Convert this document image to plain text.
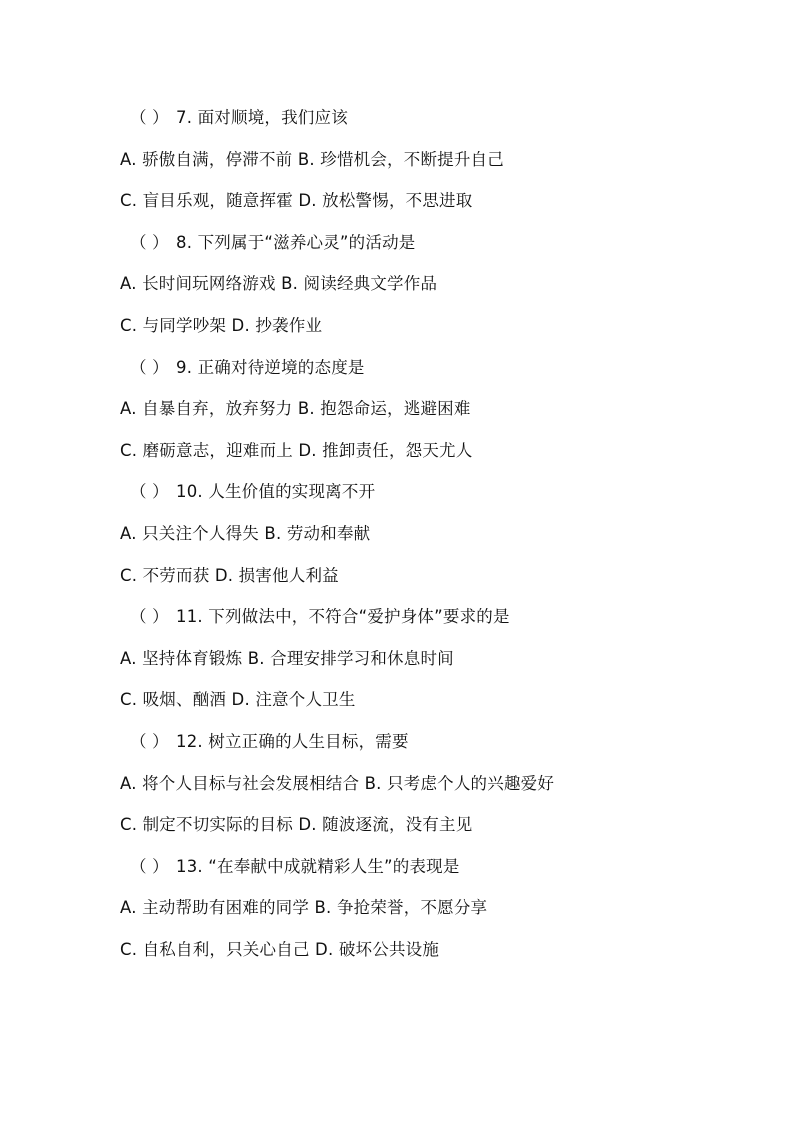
（ ） 7. 面对顺境，我们应该
A. 骄傲自满，停滞不前 B. 珍惜机会，不断提升自己
C. 盲目乐观，随意挥霍 D. 放松警惕，不思进取
（ ） 8. 下列属于“滋养心灵”的活动是
A. 长时间玩网络游戏 B. 阅读经典文学作品
C. 与同学吵架 D. 抄袭作业
（ ） 9. 正确对待逆境的态度是
A. 自暴自弃，放弃努力 B. 抱怨命运，逃避困难
C. 磨砺意志，迎难而上 D. 推卸责任，怨天尤人
（ ） 10. 人生价值的实现离不开
A. 只关注个人得失 B. 劳动和奉献
C. 不劳而获 D. 损害他人利益
（ ） 11. 下列做法中，不符合“爱护身体”要求的是
A. 坚持体育锻炼 B. 合理安排学习和休息时间
C. 吸烟、酗酒 D. 注意个人卫生
（ ） 12. 树立正确的人生目标，需要
A. 将个人目标与社会发展相结合 B. 只考虑个人的兴趣爱好
C. 制定不切实际的目标 D. 随波逐流，没有主见
（ ） 13. “在奉献中成就精彩人生”的表现是
A. 主动帮助有困难的同学 B. 争抢荣誉，不愿分享
C. 自私自利，只关心自己 D. 破坏公共设施
